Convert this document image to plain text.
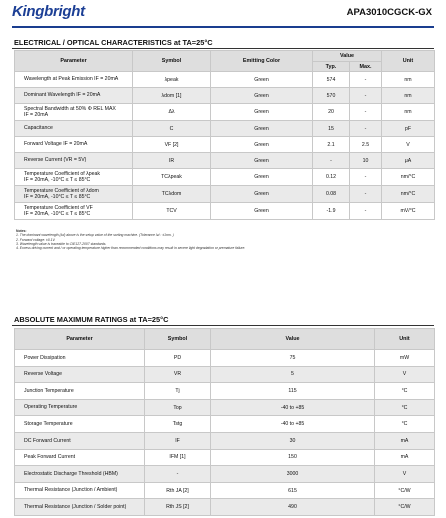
Kingbright	APA3010CGCK-GX
ELECTRICAL / OPTICAL CHARACTERISTICS at TA=25°C
Parameter	Symbol	Emitting Color	Value		Unit
			Typ.	Max.	

Wavelength at Peak Emission IF = 20mA	λpeak	Green	574	-	nm

Dominant Wavelength IF = 20mA	λdom [1]	Green	570	-	nm

Spectral Bandwidth at 50% Φ REL MAX
IF = 20mA	Δλ	Green	20	-	nm

Capacitance	C	Green	15	-	pF

Forward Voltage IF = 20mA	VF [2]	Green	2.1	2.5	V

Reverse Current (VR = 5V)	IR	Green	-	10	μA

Temperature Coefficient of λpeak
IF = 20mA, -10°C ≤ T ≤ 85°C	TCλpeak	Green	0.12	-	nm/°C

Temperature Coefficient of λdom
IF = 20mA, -10°C ≤ T ≤ 85°C	TCλdom	Green	0.08	-	nm/°C

Temperature Coefficient of VF
IF = 20mA, -10°C ≤ T ≤ 85°C	TCV	Green	-1.9	-	mV/°C
Notes:
1. The dominant wavelength (λd) above is the setup value of the sorting machine. (Tolerance λd : ±1nm. )
2. Forward voltage: ±0.1V.
3. Wavelength value is traceable to CIE127-2007 standards.
4. Excess driving current and / or operating temperature higher than recommended conditions may result in severe light degradation or premature failure.
ABSOLUTE MAXIMUM RATINGS at TA=25°C
Parameter	Symbol	Value	Unit
Power Dissipation	PD	75	mW
Reverse Voltage	VR	5	V
Junction Temperature	Tj	115	°C
Operating Temperature	Top	-40 to +85	°C
Storage Temperature	Tstg	-40 to +85	°C
DC Forward Current	IF	30	mA
Peak Forward Current	IFM [1]	150	mA
Electrostatic Discharge Threshold (HBM)	-	3000	V
Thermal Resistance (Junction / Ambient)	Rth JA [2]	615	°C/W
Thermal Resistance (Junction / Solder point)	Rth JS [2]	490	°C/W
